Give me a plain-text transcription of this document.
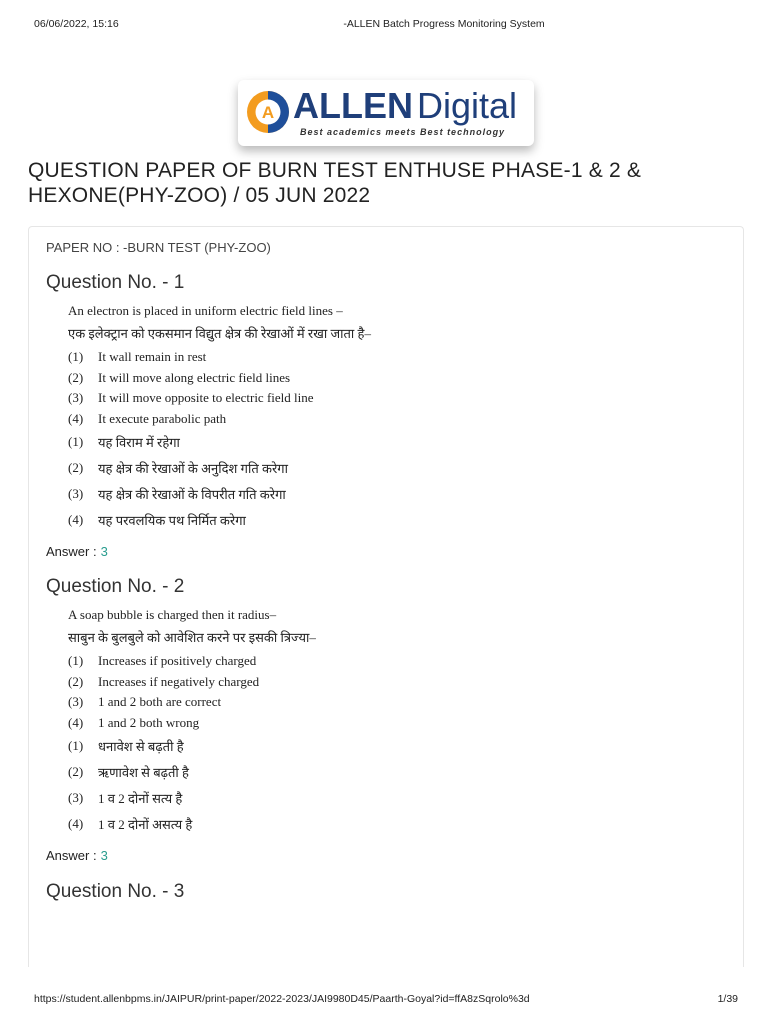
06/06/2022, 15:16	-ALLEN Batch Progress Monitoring System
A ALLEN Digital
Best academics meets Best technology
QUESTION PAPER OF BURN TEST ENTHUSE PHASE-1 & 2 & HEXONE(PHY-ZOO) / 05 JUN 2022
PAPER NO : -BURN TEST (PHY-ZOO)
Question No. - 1
An electron is placed in uniform electric field lines –
एक इलेक्ट्रान को एकसमान विद्युत क्षेत्र की रेखाओं में रखा जाता है–
(1)	It wall remain in rest
(2)	It will move along electric field lines
(3)	It will move opposite to electric field line
(4)	It execute parabolic path
(1)	यह विराम में रहेगा
(2)	यह क्षेत्र की रेखाओं के अनुदिश गति करेगा
(3)	यह क्षेत्र की रेखाओं के विपरीत गति करेगा
(4)	यह परवलयिक पथ निर्मित करेगा
Answer : 3
Question No. - 2
A soap bubble is charged then it radius–
साबुन के बुलबुले को आवेशित करने पर इसकी त्रिज्या–
(1)	Increases if positively charged
(2)	Increases if negatively charged
(3)	1 and 2 both are correct
(4)	1 and 2 both wrong
(1)	धनावेश से बढ़ती है
(2)	ऋणावेश से बढ़ती है
(3)	1 व 2 दोनों सत्य है
(4)	1 व 2 दोनों असत्य है
Answer : 3
Question No. - 3
https://student.allenbpms.in/JAIPUR/print-paper/2022-2023/JAI9980D45/Paarth-Goyal?id=ffA8zSqrolo%3d	1/39
